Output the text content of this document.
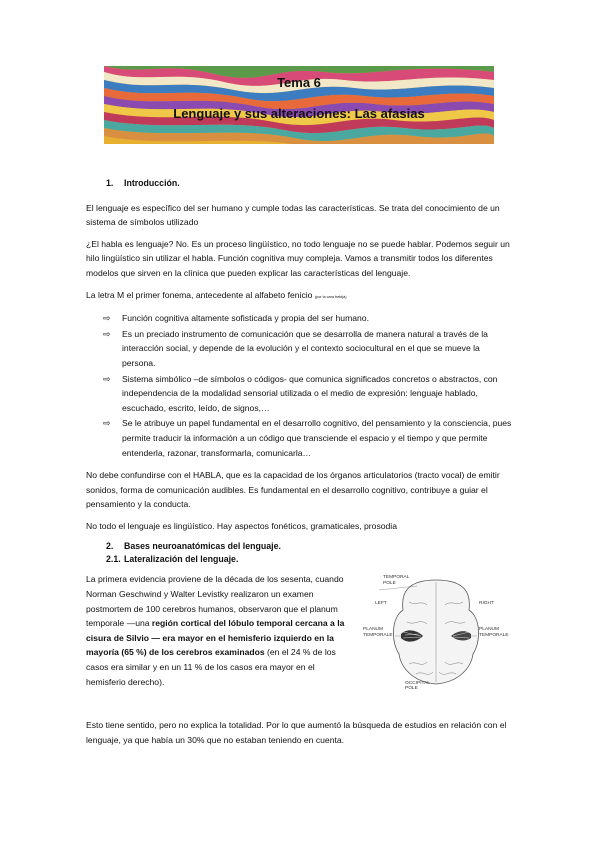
Tema 6
Lenguaje y sus alteraciones: Las afasias
1. Introducción.

El lenguaje es específico del ser humano y cumple todas las características. Se trata del conocimiento de un sistema de símbolos utilizado

¿El habla es lenguaje? No. Es un proceso lingüístico, no todo lenguaje no se puede hablar. Podemos seguir un hilo lingüístico sin utilizar el habla. Función cognitiva muy compleja. Vamos a transmitir todos los diferentes modelos que sirven en la clínica que pueden explicar las características del lenguaje.

La letra M el primer fonema, antecedente al alfabeto fenicio (por la cara bebija)

⇨ Función cognitiva altamente sofisticada y propia del ser humano.
⇨ Es un preciado instrumento de comunicación que se desarrolla de manera natural a través de la interacción social, y depende de la evolución y el contexto sociocultural en el que se mueve la persona.
⇨ Sistema simbólico –de símbolos o códigos- que comunica significados concretos o abstractos, con independencia de la modalidad sensorial utilizada o el medio de expresión: lenguaje hablado, escuchado, escrito, leído, de signos,…
⇨ Se le atribuye un papel fundamental en el desarrollo cognitivo, del pensamiento y la consciencia, pues permite traducir la información a un código que transciende el espacio y el tiempo y que permite entenderla, razonar, transformarla, comunicarla…

No debe confundirse con el HABLA, que es la capacidad de los órganos articulatorios (tracto vocal) de emitir sonidos, forma de comunicación audibles. Es fundamental en el desarrollo cognitivo, contribuye a guiar el pensamiento y la conducta.

No todo el lenguaje es lingüístico. Hay aspectos fonéticos, gramaticales, prosodia

2. Bases neuroanatómicas del lenguaje.
2.1. Lateralización del lenguaje.
La primera evidencia proviene de la década de los sesenta, cuando Norman Geschwind y Walter Levistky realizaron un examen postmortem de 100 cerebros humanos, observaron que el planum temporale —una región cortical del lóbulo temporal cercana a la cisura de Silvio — era mayor en el hemisferio izquierdo en la mayoría (65 %) de los cerebros examinados (en el 24 % de los casos era similar y en un 11 % de los casos era mayor en el hemisferio derecho).
TEMPORAL
POLE
LEFT	RIGHT
PLANUM
TEMPORALE
PLANUM
TEMPORALE
OCCIPITAL
POLE

Esto tiene sentido, pero no explica la totalidad. Por lo que aumentó la búsqueda de estudios en relación con el lenguaje, ya que había un 30% que no estaban teniendo en cuenta.
